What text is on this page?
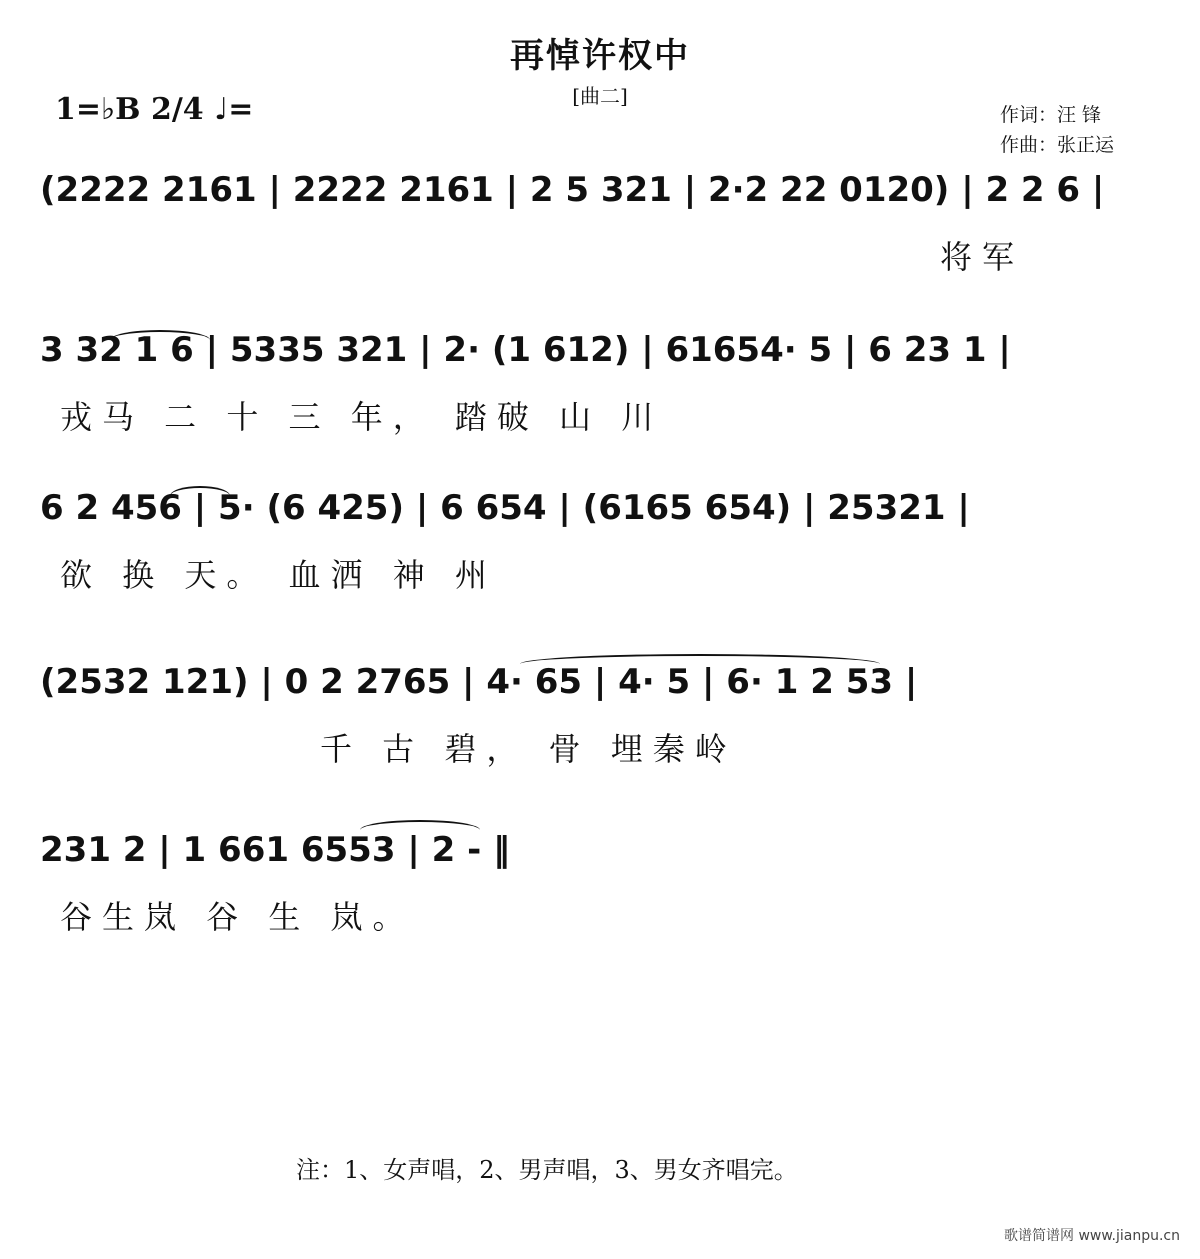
再悼许权中
[曲二]
1=♭B 2/4 ♩=	作词：汪 锋
作曲：张正运
(2222 2161 | 2222 2161 | 2 5 321 | 2·2 22 0120) | 2 2 6 |
将军
3 32 1 6 | 5335 321 | 2· (1 612) | 61654· 5 | 6 23 1 |
戎马 二 十 三 年， 踏破 山 川
6 2 456 | 5· (6 425) | 6 654 | (6165 654) | 25321 |
欲 换 天。 血洒 神 州
(2532 121) | 0 2 2765 | 4· 65 | 4· 5 | 6· 1 2 53 |
千 古 碧， 骨 埋秦岭
231 2 | 1 661 6553 | 2 - ‖
谷生岚 谷 生 岚。
注：1、女声唱，2、男声唱，3、男女齐唱完。
歌谱简谱网 www.jianpu.cn
